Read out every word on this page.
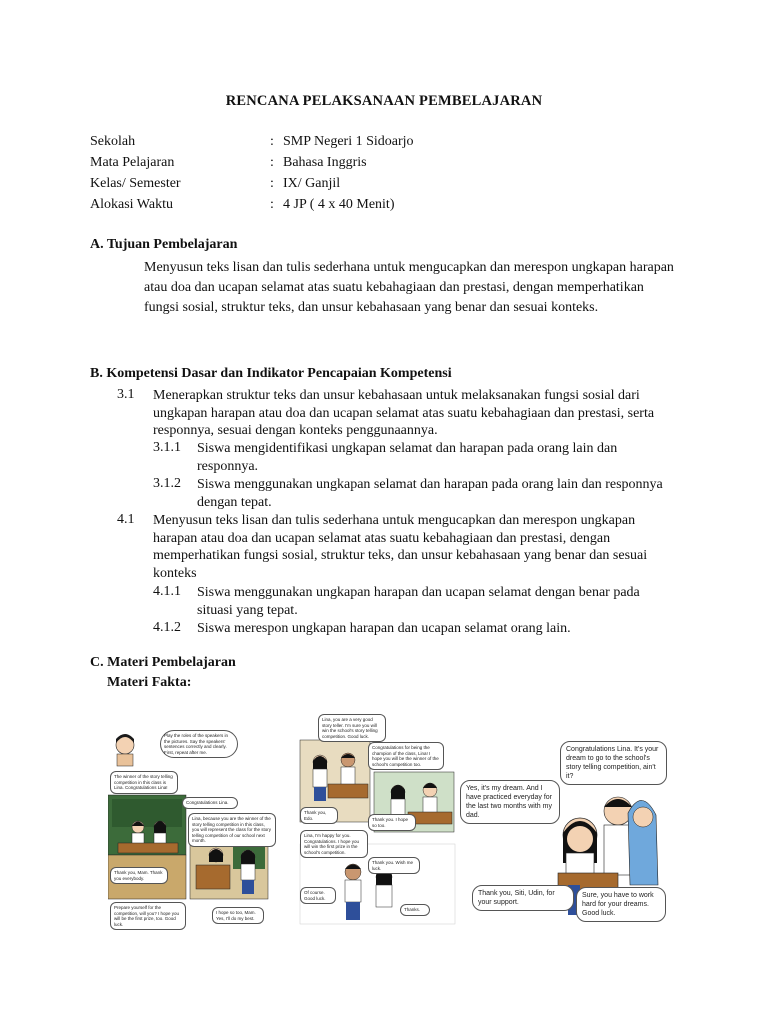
RENCANA PELAKSANAAN PEMBELAJARAN
Sekolah	: SMP Negeri 1 Sidoarjo
Mata Pelajaran	: Bahasa Inggris
Kelas/ Semester	: IX/ Ganjil
Alokasi Waktu	: 4 JP ( 4 x 40 Menit)
A. Tujuan Pembelajaran
Menyusun teks lisan dan tulis sederhana untuk mengucapkan dan merespon ungkapan harapan atau doa dan ucapan selamat atas suatu kebahagiaan dan prestasi, dengan memperhatikan fungsi sosial, struktur teks, dan unsur kebahasaan yang benar dan sesuai konteks.
B. Kompetensi Dasar dan Indikator Pencapaian Kompetensi
3.1 Menerapkan struktur teks dan unsur kebahasaan untuk melaksanakan fungsi sosial dari ungkapan harapan atau doa dan ucapan selamat atas suatu kebahagiaan dan prestasi, serta responnya, sesuai dengan konteks penggunaannya.
3.1.1 Siswa mengidentifikasi ungkapan selamat dan harapan pada orang lain dan responnya.
3.1.2 Siswa menggunakan ungkapan selamat dan harapan pada orang lain dan responnya dengan tepat.
4.1 Menyusun teks lisan dan tulis sederhana untuk mengucapkan dan merespon ungkapan harapan atau doa dan ucapan selamat atas suatu kebahagiaan dan prestasi, dengan memperhatikan fungsi sosial, struktur teks, dan unsur kebahasaan yang benar dan sesuai konteks
4.1.1 Siswa menggunakan ungkapan harapan dan ucapan selamat dengan benar pada situasi yang tepat.
4.1.2 Siswa merespon ungkapan harapan dan ucapan selamat orang lain.
C. Materi Pembelajaran
Materi Fakta:
Play the roles of the speakers in the pictures. Say the speakers' sentences correctly and clearly. First, repeat after me.
The winner of the story telling competition in this class is Lina. Congratulations Lina!
Congratulations Lina.
Lina, because you are the winner of the story telling competition in this class, you will represent the class for the story telling competition of our school next month.
Thank you, Mam. Thank you everybody.
Prepare yourself for the competition, will you? I hope you will be the first prize, too. Good luck.
I hope so too, Mam. Yes, I'll do my best.
Lina, you are a very good story teller. I'm sure you will win the school's story telling competition. Good luck.
Thank you, Edo.
Congratulations for being the champion of the class, Lina! I hope you will be the winner of the school's competition too.
Thank you. I hope so too.
Lina, I'm happy for you. Congratulations. I hope you will win the first prize in the school's competition.
Thank you. Wish me luck.
Of course. Good luck.
Thanks.
Congratulations Lina. It's your dream to go to the school's story telling competition, ain't it?
Yes, it's my dream. And I have practiced everyday for the last two months with my dad.
Thank you, Siti, Udin, for your support.
Sure, you have to work hard for your dreams. Good luck.
